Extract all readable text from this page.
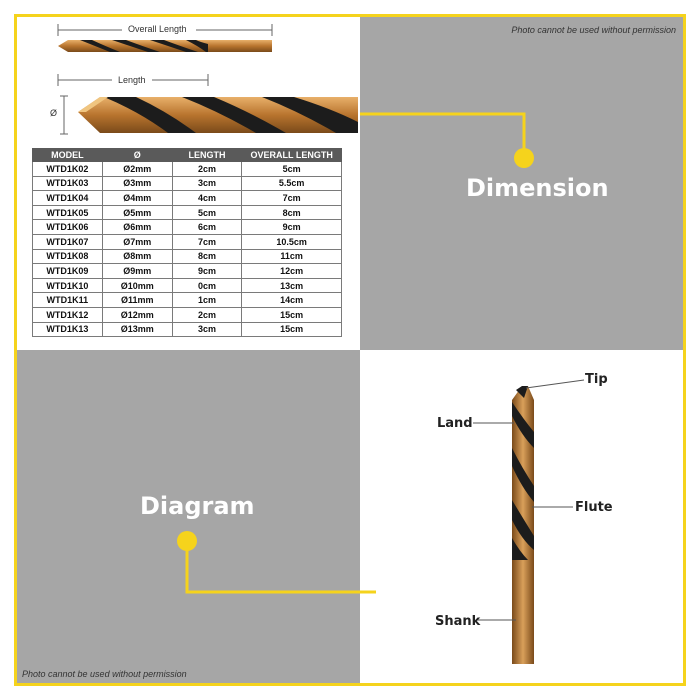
Overall Length
Length
Ø
MODEL	Ø	LENGTH	OVERALL LENGTH
WTD1K02	Ø2mm	2cm	5cm
WTD1K03	Ø3mm	3cm	5.5cm
WTD1K04	Ø4mm	4cm	7cm
WTD1K05	Ø5mm	5cm	8cm
WTD1K06	Ø6mm	6cm	9cm
WTD1K07	Ø7mm	7cm	10.5cm
WTD1K08	Ø8mm	8cm	11cm
WTD1K09	Ø9mm	9cm	12cm
WTD1K10	Ø10mm	0cm	13cm
WTD1K11	Ø11mm	1cm	14cm
WTD1K12	Ø12mm	2cm	15cm
WTD1K13	Ø13mm	3cm	15cm
Dimension
Diagram
Tip
Land
Flute
Shank
Photo cannot be used without permission
Photo cannot be used without permission
